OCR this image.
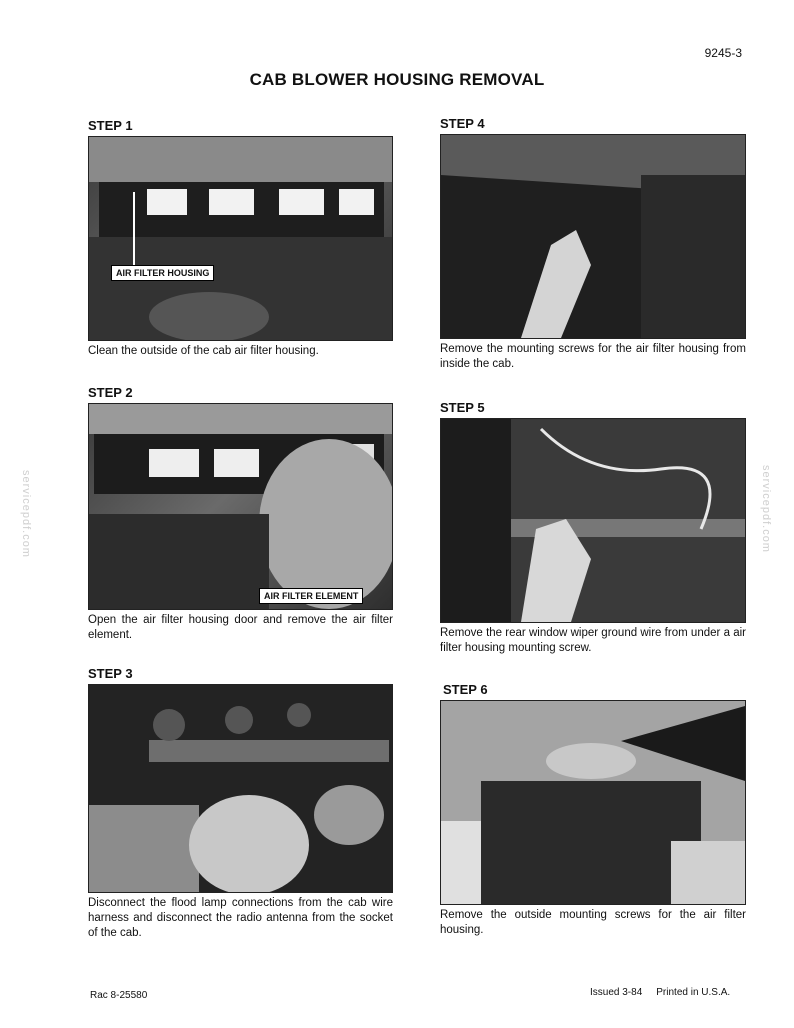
9245-3
CAB BLOWER HOUSING REMOVAL
servicepdf.com	servicepdf.com
STEP 1
AIR FILTER HOUSING
Clean the outside of the cab air filter housing.
STEP 2
AIR FILTER ELEMENT
Open the air filter housing door and remove the air filter element.
STEP 3
Disconnect the flood lamp connections from the cab wire harness and disconnect the radio antenna from the socket of the cab.
STEP 4
Remove the mounting screws for the air filter housing from inside the cab.
STEP 5
Remove the rear window wiper ground wire from under a air filter housing mounting screw.
STEP 6
Remove the outside mounting screws for the air filter housing.
Rac 8-25580	Issued 3-84 Printed in U.S.A.
